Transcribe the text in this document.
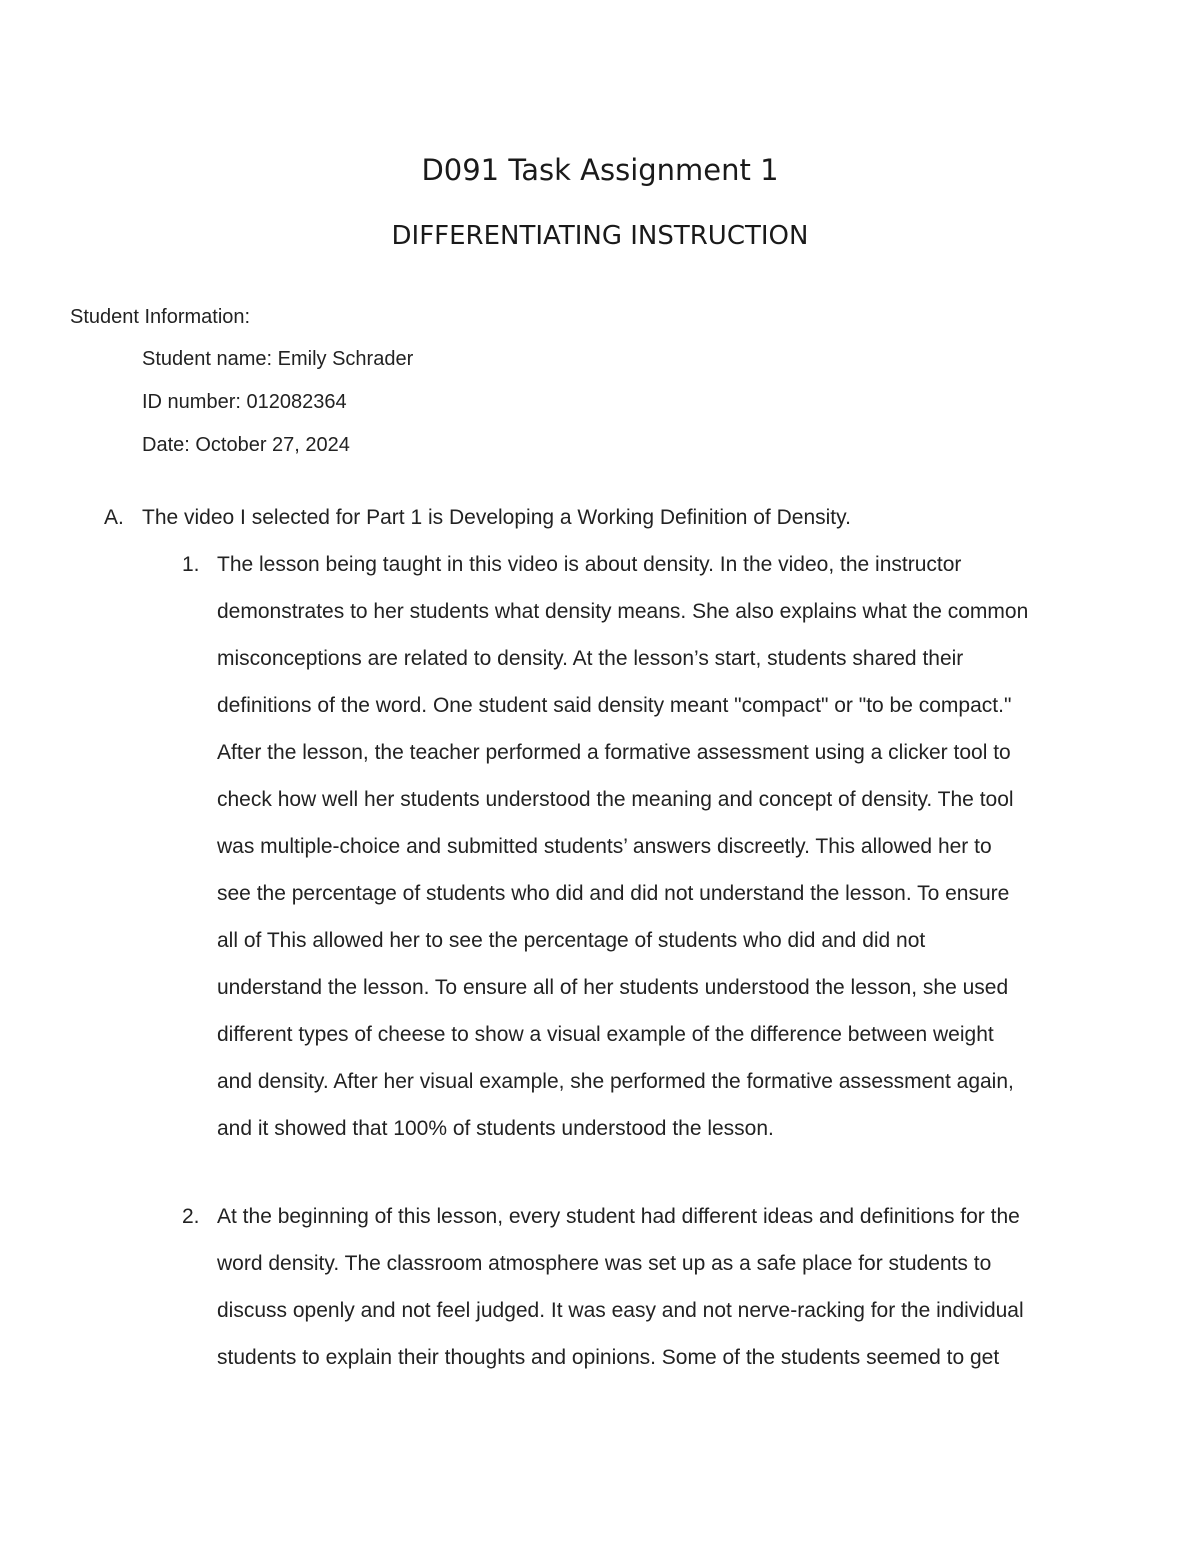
D091 Task Assignment 1
DIFFERENTIATING INSTRUCTION

Student Information:

Student name: Emily Schrader

ID number: 012082364

Date: October 27, 2024

A. The video I selected for Part 1 is Developing a Working Definition of Density.

1. The lesson being taught in this video is about density. In the video, the instructor
demonstrates to her students what density means. She also explains what the common
misconceptions are related to density. At the lesson’s start, students shared their
definitions of the word. One student said density meant "compact" or "to be compact."
After the lesson, the teacher performed a formative assessment using a clicker tool to
check how well her students understood the meaning and concept of density. The tool
was multiple-choice and submitted students’ answers discreetly. This allowed her to
see the percentage of students who did and did not understand the lesson. To ensure
all of This allowed her to see the percentage of students who did and did not
understand the lesson. To ensure all of her students understood the lesson, she used
different types of cheese to show a visual example of the difference between weight
and density. After her visual example, she performed the formative assessment again,
and it showed that 100% of students understood the lesson.

2. At the beginning of this lesson, every student had different ideas and definitions for the
word density. The classroom atmosphere was set up as a safe place for students to
discuss openly and not feel judged. It was easy and not nerve-racking for the individual
students to explain their thoughts and opinions. Some of the students seemed to get
